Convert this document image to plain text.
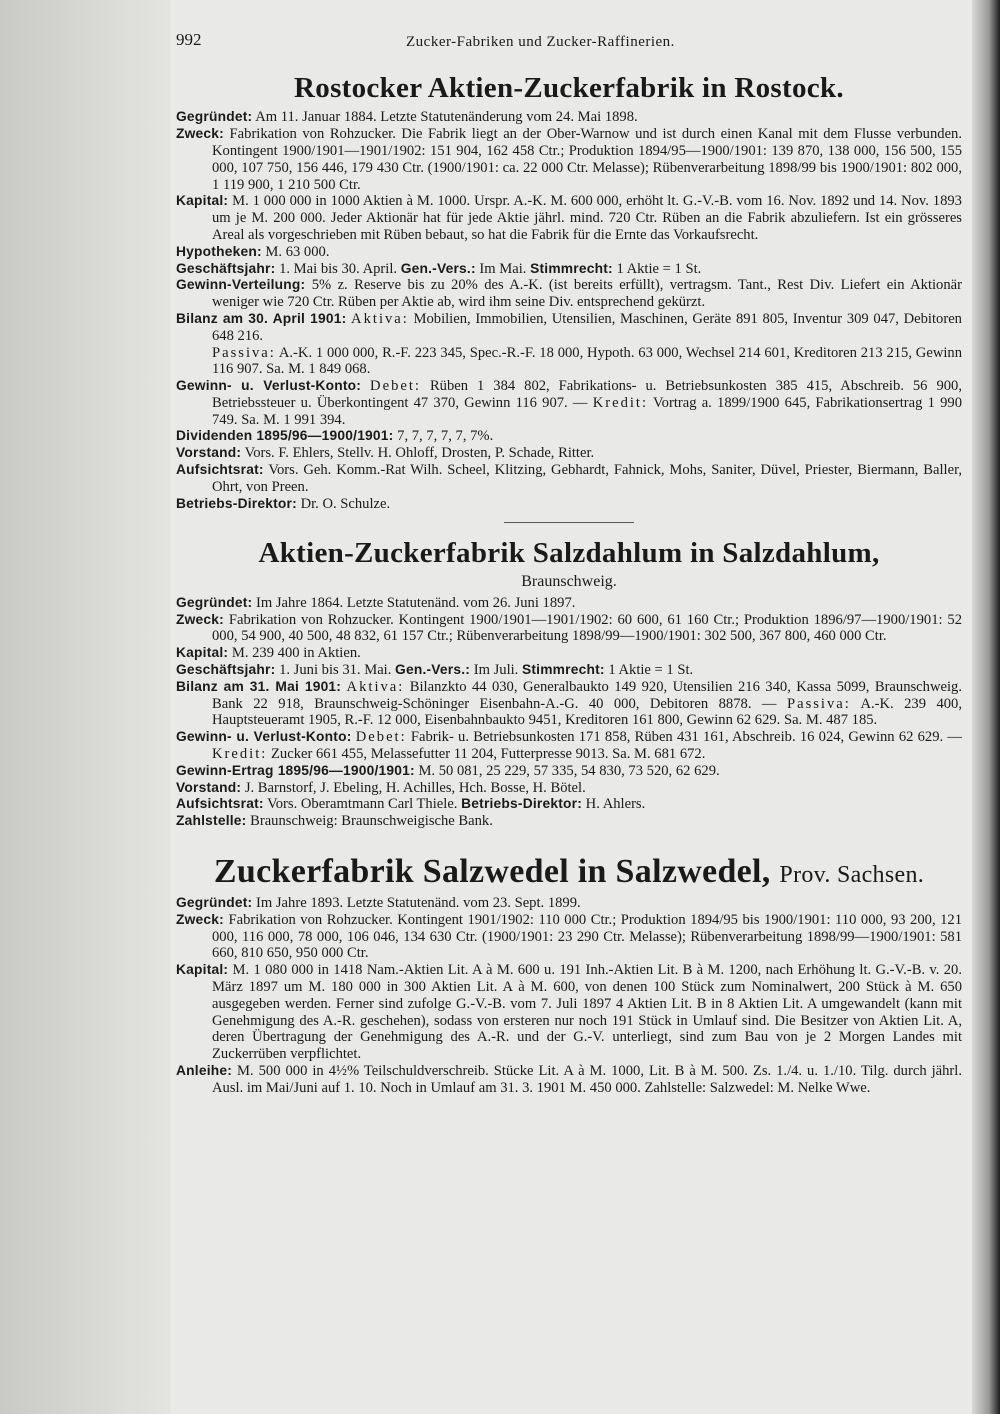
992	Zucker-Fabriken und Zucker-Raffinerien.
Rostocker Aktien-Zuckerfabrik in Rostock.

Gegründet: Am 11. Januar 1884. Letzte Statutenänderung vom 24. Mai 1898.

Zweck: Fabrikation von Rohzucker. Die Fabrik liegt an der Ober-Warnow und ist durch einen Kanal mit dem Flusse verbunden. Kontingent 1900/1901—1901/1902: 151 904, 162 458 Ctr.; Produktion 1894/95—1900/1901: 139 870, 138 000, 156 500, 155 000, 107 750, 156 446, 179 430 Ctr. (1900/1901: ca. 22 000 Ctr. Melasse); Rübenverarbeitung 1898/99 bis 1900/1901: 802 000, 1 119 900, 1 210 500 Ctr.

Kapital: M. 1 000 000 in 1000 Aktien à M. 1000. Urspr. A.-K. M. 600 000, erhöht lt. G.-V.-B. vom 16. Nov. 1892 und 14. Nov. 1893 um je M. 200 000. Jeder Aktionär hat für jede Aktie jährl. mind. 720 Ctr. Rüben an die Fabrik abzuliefern. Ist ein grösseres Areal als vorgeschrieben mit Rüben bebaut, so hat die Fabrik für die Ernte das Vorkaufsrecht.

Hypotheken: M. 63 000.

Geschäftsjahr: 1. Mai bis 30. April. Gen.-Vers.: Im Mai. Stimmrecht: 1 Aktie = 1 St.

Gewinn-Verteilung: 5% z. Reserve bis zu 20% des A.-K. (ist bereits erfüllt), vertragsm. Tant., Rest Div. Liefert ein Aktionär weniger wie 720 Ctr. Rüben per Aktie ab, wird ihm seine Div. entsprechend gekürzt.

Bilanz am 30. April 1901: Aktiva: Mobilien, Immobilien, Utensilien, Maschinen, Geräte 891 805, Inventur 309 047, Debitoren 648 216.

Passiva: A.-K. 1 000 000, R.-F. 223 345, Spec.-R.-F. 18 000, Hypoth. 63 000, Wechsel 214 601, Kreditoren 213 215, Gewinn 116 907. Sa. M. 1 849 068.

Gewinn- u. Verlust-Konto: Debet: Rüben 1 384 802, Fabrikations- u. Betriebsunkosten 385 415, Abschreib. 56 900, Betriebssteuer u. Überkontingent 47 370, Gewinn 116 907. — Kredit: Vortrag a. 1899/1900 645, Fabrikationsertrag 1 990 749. Sa. M. 1 991 394.

Dividenden 1895/96—1900/1901: 7, 7, 7, 7, 7, 7%.

Vorstand: Vors. F. Ehlers, Stellv. H. Ohloff, Drosten, P. Schade, Ritter.

Aufsichtsrat: Vors. Geh. Komm.-Rat Wilh. Scheel, Klitzing, Gebhardt, Fahnick, Mohs, Saniter, Düvel, Priester, Biermann, Baller, Ohrt, von Preen.

Betriebs-Direktor: Dr. O. Schulze.

Aktien-Zuckerfabrik Salzdahlum in Salzdahlum,
Braunschweig.

Gegründet: Im Jahre 1864. Letzte Statutenänd. vom 26. Juni 1897.

Zweck: Fabrikation von Rohzucker. Kontingent 1900/1901—1901/1902: 60 600, 61 160 Ctr.; Produktion 1896/97—1900/1901: 52 000, 54 900, 40 500, 48 832, 61 157 Ctr.; Rübenverarbeitung 1898/99—1900/1901: 302 500, 367 800, 460 000 Ctr.

Kapital: M. 239 400 in Aktien.

Geschäftsjahr: 1. Juni bis 31. Mai. Gen.-Vers.: Im Juli. Stimmrecht: 1 Aktie = 1 St.

Bilanz am 31. Mai 1901: Aktiva: Bilanzkto 44 030, Generalbaukto 149 920, Utensilien 216 340, Kassa 5099, Braunschweig. Bank 22 918, Braunschweig-Schöninger Eisenbahn-A.-G. 40 000, Debitoren 8878. — Passiva: A.-K. 239 400, Hauptsteueramt 1905, R.-F. 12 000, Eisenbahnbaukto 9451, Kreditoren 161 800, Gewinn 62 629. Sa. M. 487 185.

Gewinn- u. Verlust-Konto: Debet: Fabrik- u. Betriebsunkosten 171 858, Rüben 431 161, Abschreib. 16 024, Gewinn 62 629. — Kredit: Zucker 661 455, Melassefutter 11 204, Futterpresse 9013. Sa. M. 681 672.

Gewinn-Ertrag 1895/96—1900/1901: M. 50 081, 25 229, 57 335, 54 830, 73 520, 62 629.

Vorstand: J. Barnstorf, J. Ebeling, H. Achilles, Hch. Bosse, H. Bötel.

Aufsichtsrat: Vors. Oberamtmann Carl Thiele. Betriebs-Direktor: H. Ahlers.

Zahlstelle: Braunschweig: Braunschweigische Bank.

Zuckerfabrik Salzwedel in Salzwedel, Prov. Sachsen.

Gegründet: Im Jahre 1893. Letzte Statutenänd. vom 23. Sept. 1899.

Zweck: Fabrikation von Rohzucker. Kontingent 1901/1902: 110 000 Ctr.; Produktion 1894/95 bis 1900/1901: 110 000, 93 200, 121 000, 116 000, 78 000, 106 046, 134 630 Ctr. (1900/1901: 23 290 Ctr. Melasse); Rübenverarbeitung 1898/99—1900/1901: 581 660, 810 650, 950 000 Ctr.

Kapital: M. 1 080 000 in 1418 Nam.-Aktien Lit. A à M. 600 u. 191 Inh.-Aktien Lit. B à M. 1200, nach Erhöhung lt. G.-V.-B. v. 20. März 1897 um M. 180 000 in 300 Aktien Lit. A à M. 600, von denen 100 Stück zum Nominalwert, 200 Stück à M. 650 ausgegeben werden. Ferner sind zufolge G.-V.-B. vom 7. Juli 1897 4 Aktien Lit. B in 8 Aktien Lit. A umgewandelt (kann mit Genehmigung des A.-R. geschehen), sodass von ersteren nur noch 191 Stück in Umlauf sind. Die Besitzer von Aktien Lit. A, deren Übertragung der Genehmigung des A.-R. und der G.-V. unterliegt, sind zum Bau von je 2 Morgen Landes mit Zuckerrüben verpflichtet.

Anleihe: M. 500 000 in 4½% Teilschuldverschreib. Stücke Lit. A à M. 1000, Lit. B à M. 500. Zs. 1./4. u. 1./10. Tilg. durch jährl. Ausl. im Mai/Juni auf 1. 10. Noch in Umlauf am 31. 3. 1901 M. 450 000. Zahlstelle: Salzwedel: M. Nelke Wwe.
